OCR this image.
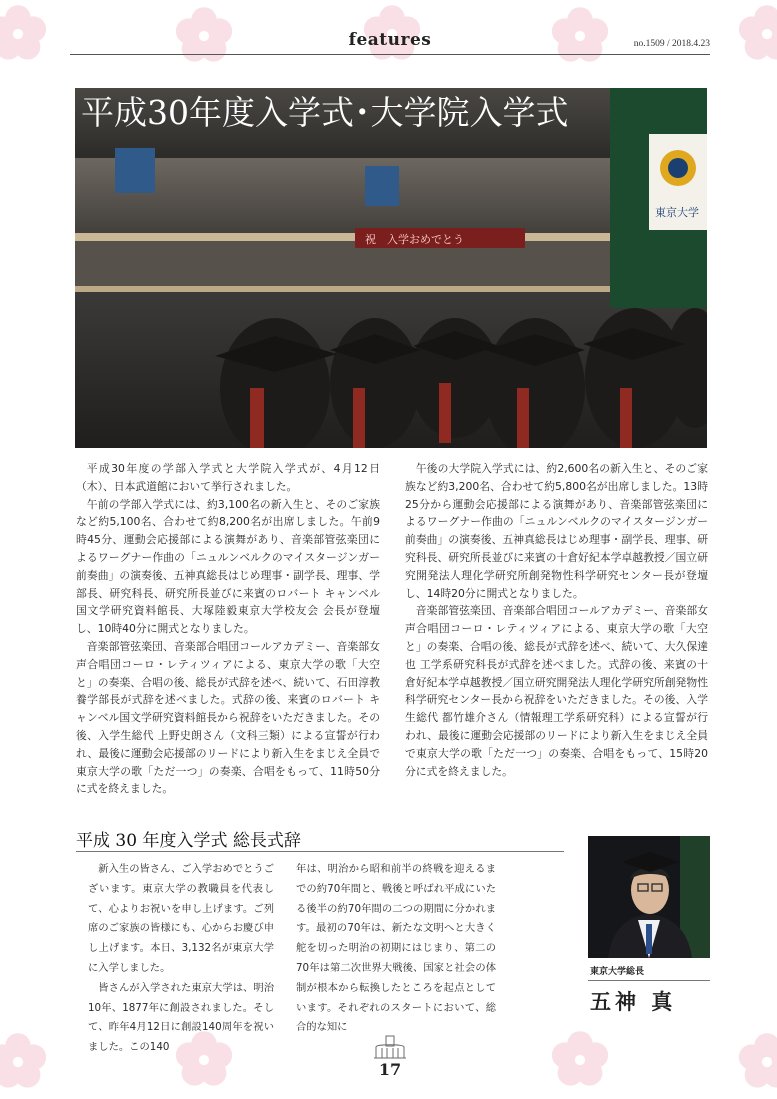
features	no.1509 / 2018.4.23
祝　入学おめでとう
東京大学
平成30年度入学式･大学院入学式

平成30年度の学部入学式と大学院入学式が、4月12日（木）、日本武道館において挙行されました。

午前の学部入学式には、約3,100名の新入生と、そのご家族など約5,100名、合わせて約8,200名が出席しました。午前9時45分、運動会応援部による演舞があり、音楽部管弦楽団によるワーグナー作曲の「ニュルンベルクのマイスタージンガー前奏曲」の演奏後、五神真総長はじめ理事・副学長、理事、学部長、研究科長、研究所長並びに来賓のロバート キャンベル国文学研究資料館長、大塚陸毅東京大学校友会 会長が登壇し、10時40分に開式となりました。

音楽部管弦楽団、音楽部合唱団コールアカデミー、音楽部女声合唱団コーロ・レティツィアによる、東京大学の歌「大空と」の奏楽、合唱の後、総長が式辞を述べ、続いて、石田淳教養学部長が式辞を述べました。式辞の後、来賓のロバート キャンベル国文学研究資料館長から祝辞をいただきました。その後、入学生総代 上野史朗さん（文科三類）による宣誓が行われ、最後に運動会応援部のリードにより新入生をまじえ全員で東京大学の歌「ただ一つ」の奏楽、合唱をもって、11時50分に式を終えました。

午後の大学院入学式には、約2,600名の新入生と、そのご家族など約3,200名、合わせて約5,800名が出席しました。13時25分から運動会応援部による演舞があり、音楽部管弦楽団によるワーグナー作曲の「ニュルンベルクのマイスタージンガー前奏曲」の演奏後、五神真総長はじめ理事・副学長、理事、研究科長、研究所長並びに来賓の十倉好紀本学卓越教授／国立研究開発法人理化学研究所創発物性科学研究センター長が登壇し、14時20分に開式となりました。

音楽部管弦楽団、音楽部合唱団コールアカデミー、音楽部女声合唱団コーロ・レティツィアによる、東京大学の歌「大空と」の奏楽、合唱の後、総長が式辞を述べ、続いて、大久保達也 工学系研究科長が式辞を述べました。式辞の後、来賓の十倉好紀本学卓越教授／国立研究開発法人理化学研究所創発物性科学研究センター長から祝辞をいただきました。その後、入学生総代 都竹雄介さん（情報理工学系研究科）による宣誓が行われ、最後に運動会応援部のリードにより新入生をまじえ全員で東京大学の歌「ただ一つ」の奏楽、合唱をもって、15時20分に式を終えました。

平成 30 年度入学式 総長式辞

新入生の皆さん、ご入学おめでとうございます。東京大学の教職員を代表して、心よりお祝いを申し上げます。ご列席のご家族の皆様にも、心からお慶び申し上げます。本日、3,132名が東京大学に入学しました。

皆さんが入学された東京大学は、明治10年、1877年に創設されました。そして、昨年4月12日に創設140周年を祝いました。この140

年は、明治から昭和前半の終戦を迎えるまでの約70年間と、戦後と呼ばれ平成にいたる後半の約70年間の二つの期間に分かれます。最初の70年は、新たな文明へと大きく舵を切った明治の初期にはじまり、第二の70年は第二次世界大戦後、国家と社会の体制が根本から転換したところを起点としています。それぞれのスタートにおいて、総合的な知に

東京大学総長
五神 真
17
